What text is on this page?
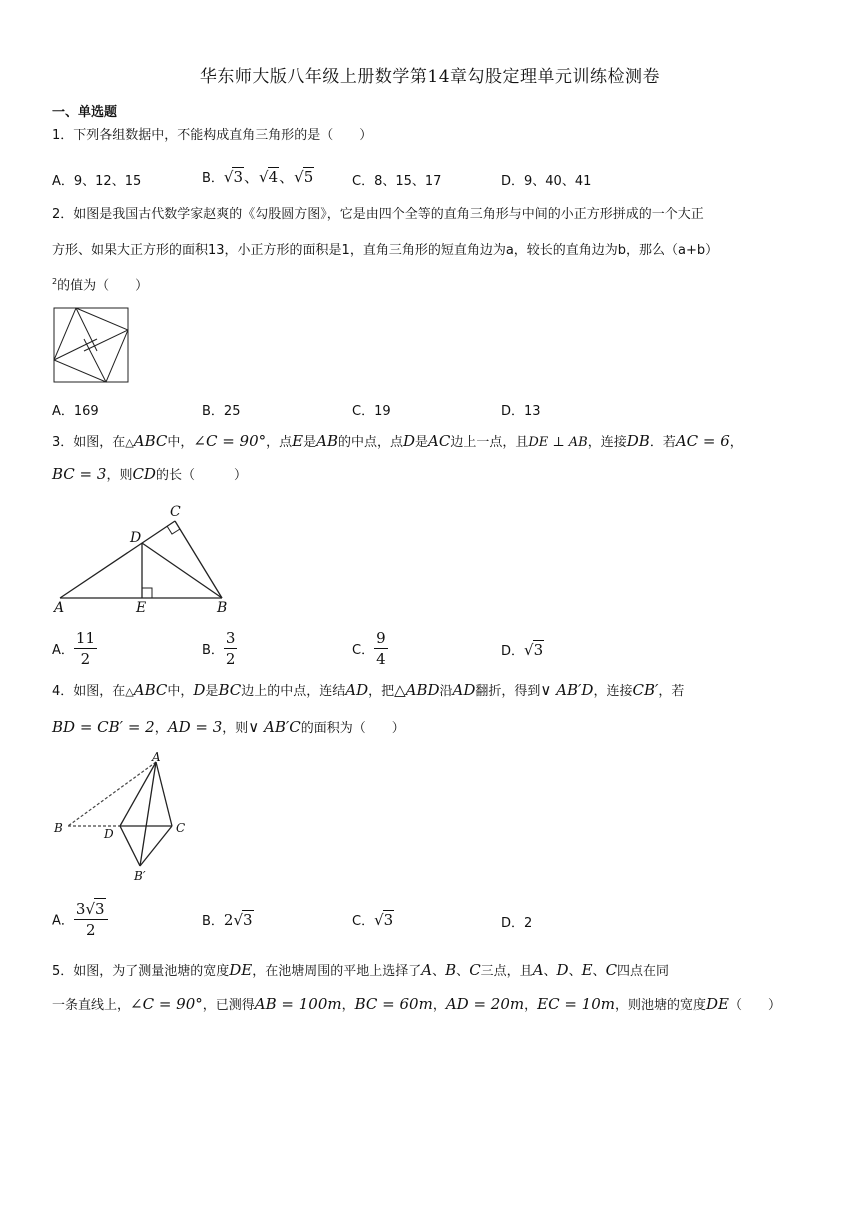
华东师大版八年级上册数学第14章勾股定理单元训练检测卷
一、单选题
1．下列各组数据中，不能构成直角三角形的是（　　）
A．9、12、15	B．√3、√4、√5	C．8、15、17	D．9、40、41
2．如图是我国古代数学家赵爽的《勾股圆方图》，它是由四个全等的直角三角形与中间的小正方形拼成的一个大正
方形、如果大正方形的面积13，小正方形的面积是1，直角三角形的短直角边为a，较长的直角边为b，那么（a+b）
$^2$的值为（　　）
A．169	B．25	C．19	D．13
3．如图，在△ABC中，∠C = 90°，点E是AB的中点，点D是AC边上一点，且DE ⊥ AB，连接DB．若AC = 6，
BC = 3，则CD的长（　　　）
C
D
A	E	B
A． $\frac{11}{2}$	B． $\frac{3}{2}$	C． $\frac{9}{4}$	D．√3
4．如图，在△ABC中，D是BC边上的中点，连结AD，把△ABD沿AD翻折，得到∨ AB′D，连接CB′，若
BD = CB′ = 2，AD = 3，则∨ AB′C的面积为（　　）
A
B	D	C
B′
A． $\frac{3√3}{2}$	B．2√3	C．√3	D．2
5．如图，为了测量池塘的宽度DE，在池塘周围的平地上选择了A、B、C三点，且A、D、E、C四点在同
一条直线上，∠C = 90°，已测得AB = 100m，BC = 60m，AD = 20m，EC = 10m，则池塘的宽度DE（　　）
